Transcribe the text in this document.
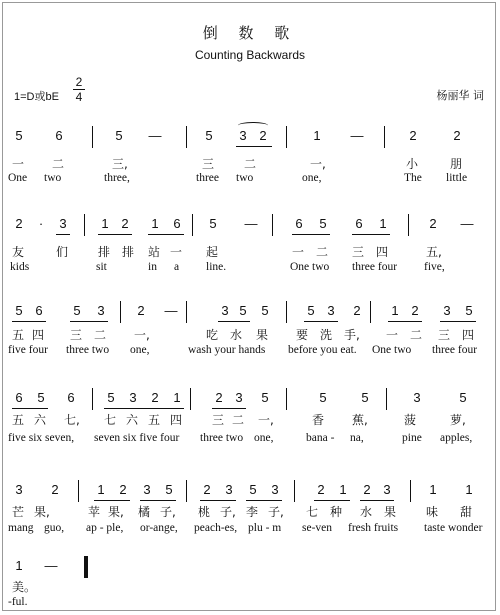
倒 数 歌
Counting Backwards
1=D或bE
2
4	杨丽华 词
5	6	5 —	5 3 2	1 —	2	2
一 二	三,	三 二	一,	小	朋
One two	three,	three two	one,	The little
2	·	3	1 2 1 6 5 —	6 5 6 1	2 —
友	们 排 排 站 一 起	一 二 三 四	五,
kids	sit	in a line.	One two three four five,
5 6 5 3	2 —	3 5 5	5 3 2 1 2 3 5
五 四 三 二 一,	吃 水 果 要 洗 手, 一 二 三 四
five four three two one,	wash your hands before you eat. One two three four
6 5 6	5 3 2 1	2 3 5	5	5	3	5
五 六 七, 七 六 五 四 三 二 一,	香 蕉,	菠	萝,
five six seven, seven six five four three two one,	bana - na,	pine apples,
3 2	1 2 3 5 2 3 5 3	2 1 2 3	1 1
芒 果,	苹 果, 橘 子, 桃 子, 李 子, 七 种 水 果 味 甜
mang guo, ap - ple, or-ange, peach-es, plu - m se-ven fresh fruits taste wonder
1 —
美。
-ful.
